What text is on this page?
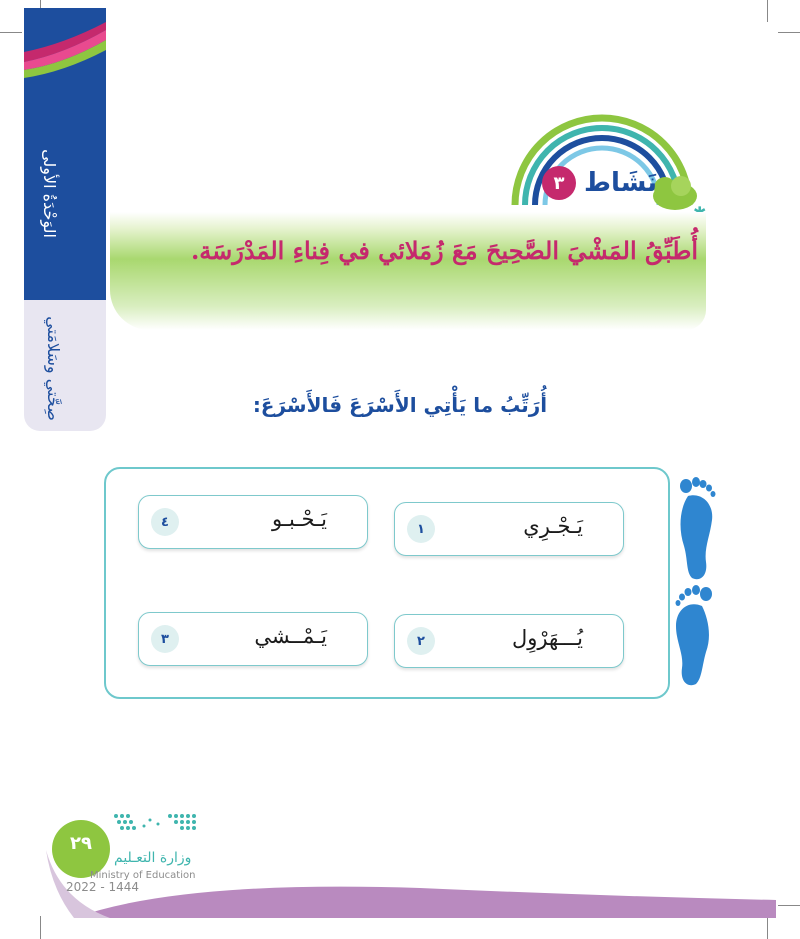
الوَحْدَةُ الأولى
صِحَّتي وسَلامَتي
نَشَاط
٣
أُطَبِّقُ المَشْيَ الصَّحِيحَ مَعَ زُمَلائي في فِناءِ المَدْرَسَة.
أُرَتِّبُ ما يَأْتِي الأَسْرَعَ فَالأَسْرَعَ:
يَـجْـرِي
١
يَـحْـبـو
٤
يُـــهَرْوِل
٢
يَـمْــشي
٣
٢٩
وزارة التعـليم
Ministry of Education
2022 - 1444
